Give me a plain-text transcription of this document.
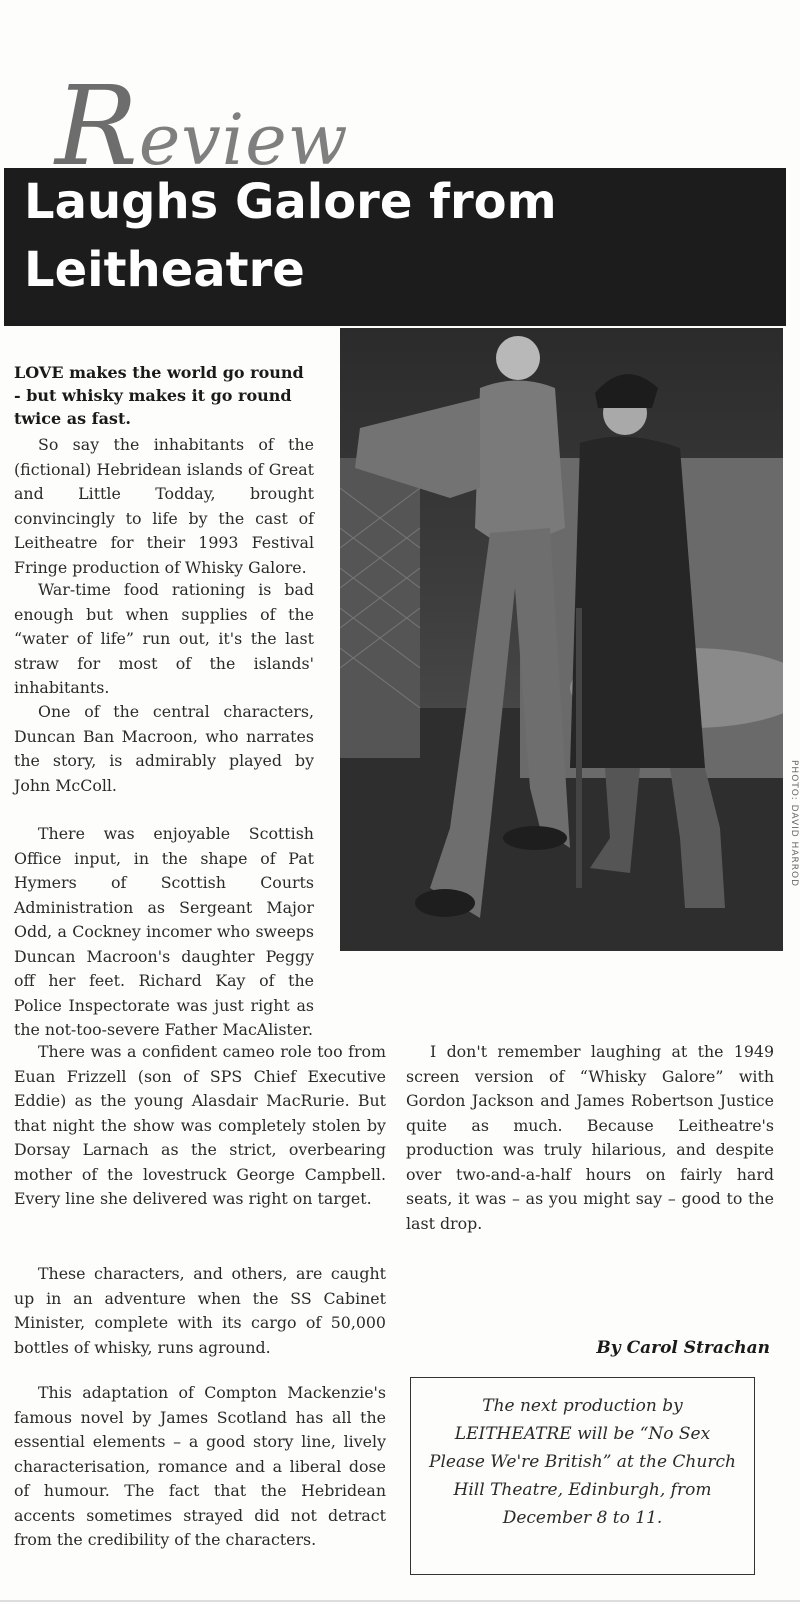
Review
Laughs Galore from Leitheatre
PHOTO: DAVID HARROD

LOVE makes the world go round - but whisky makes it go round twice as fast.

So say the inhabitants of the (fictional) Hebridean islands of Great and Little Todday, brought convincingly to life by the cast of Leitheatre for their 1993 Festival Fringe production of Whisky Galore.

War-time food rationing is bad enough but when supplies of the “water of life” run out, it's the last straw for most of the islands' inhabitants.

One of the central characters, Duncan Ban Macroon, who narrates the story, is admirably played by John McColl.

There was enjoyable Scottish Office input, in the shape of Pat Hymers of Scottish Courts Administration as Sergeant Major Odd, a Cockney incomer who sweeps Duncan Macroon's daughter Peggy off her feet. Richard Kay of the Police Inspectorate was just right as the not-too-severe Father MacAlister.

There was a confident cameo role too from Euan Frizzell (son of SPS Chief Executive Eddie) as the young Alasdair MacRurie. But that night the show was completely stolen by Dorsay Larnach as the strict, overbearing mother of the lovestruck George Campbell. Every line she delivered was right on target.

These characters, and others, are caught up in an adventure when the SS Cabinet Minister, complete with its cargo of 50,000 bottles of whisky, runs aground.

This adaptation of Compton Mackenzie's famous novel by James Scotland has all the essential elements – a good story line, lively characterisation, romance and a liberal dose of humour. The fact that the Hebridean accents sometimes strayed did not detract from the credibility of the characters.

I don't remember laughing at the 1949 screen version of “Whisky Galore” with Gordon Jackson and James Robertson Justice quite as much. Because Leitheatre's production was truly hilarious, and despite over two-and-a-half hours on fairly hard seats, it was – as you might say – good to the last drop.

By Carol Strachan

The next production by LEITHEATRE will be “No Sex Please We're British” at the Church Hill Theatre, Edinburgh, from December 8 to 11.
